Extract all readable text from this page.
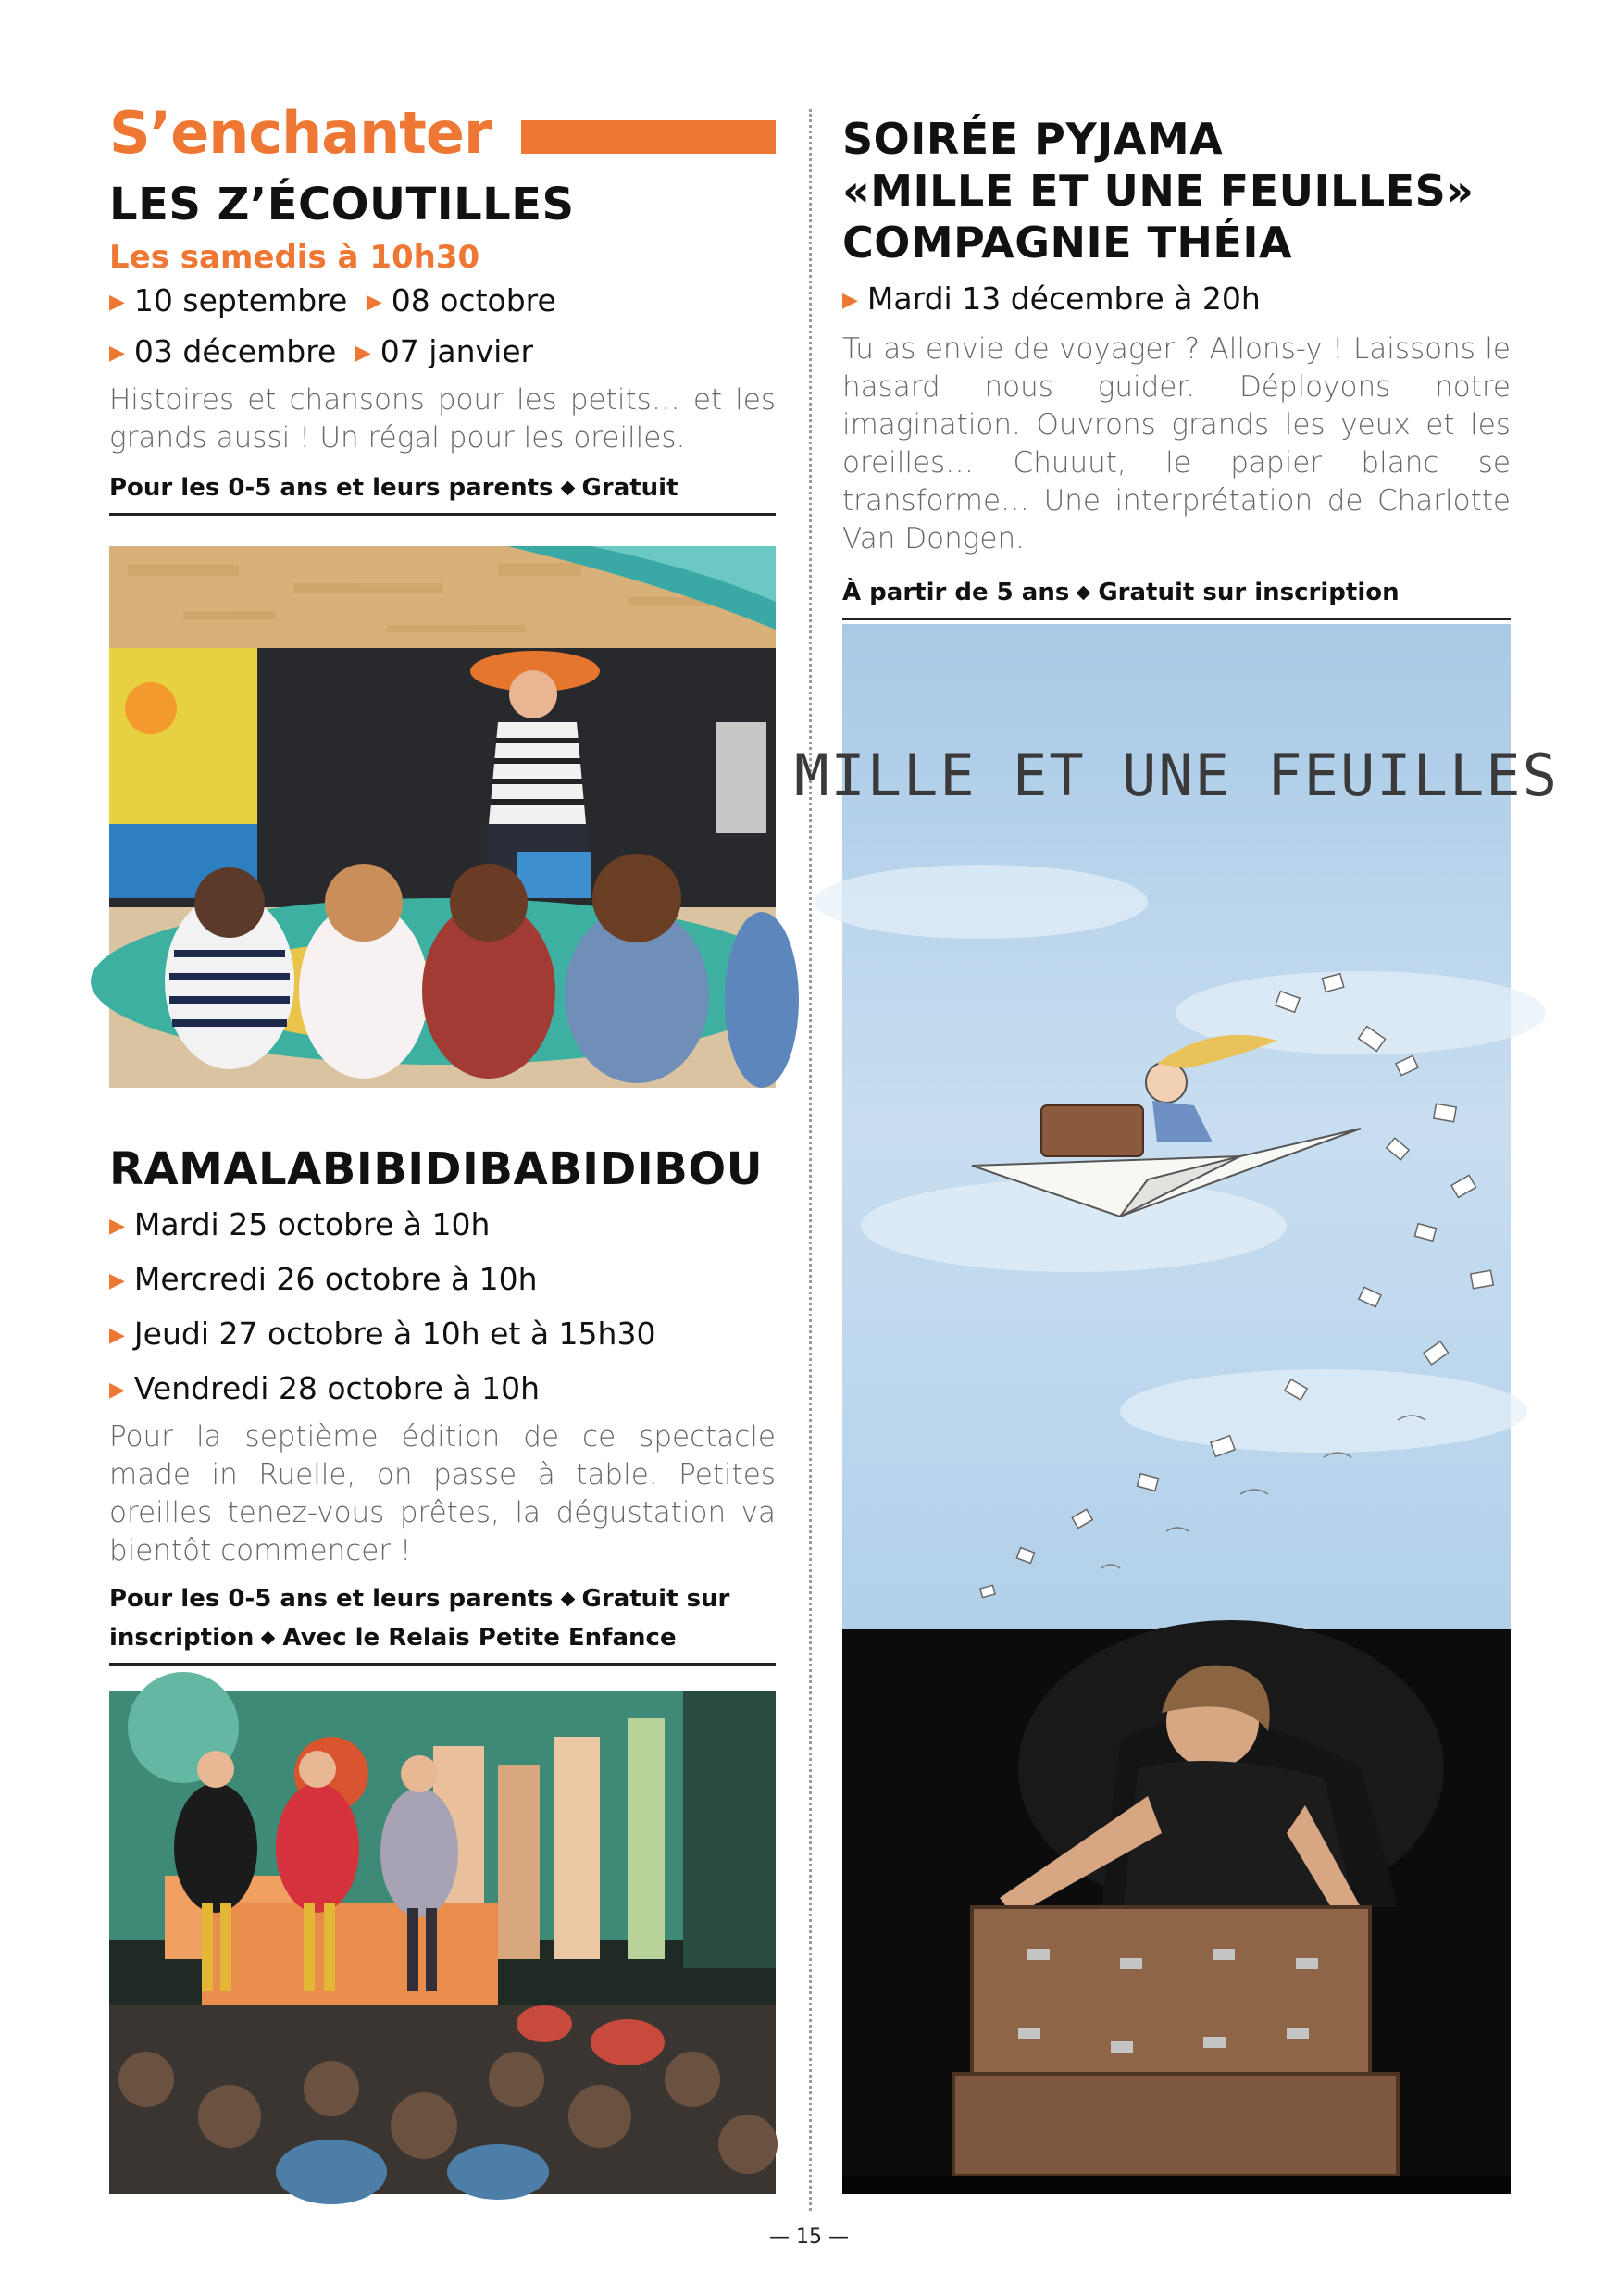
S’enchanter
LES Z’ÉCOUTILLES
Les samedis à 10h30
▶ 10 septembre ▶ 08 octobre
▶ 03 décembre ▶ 07 janvier
Histoires et chansons pour les petits… et les grands aussi ! Un régal pour les oreilles.
Pour les 0-5 ans et leurs parents Gratuit
RAMALABIBIDIBABIDIBOU
▶ Mardi 25 octobre à 10h
▶ Mercredi 26 octobre à 10h
▶ Jeudi 27 octobre à 10h et à 15h30
▶ Vendredi 28 octobre à 10h
Pour la septième édition de ce spectacle made in Ruelle, on passe à table. Petites oreilles tenez-vous prêtes, la dégustation va bientôt commencer !
Pour les 0-5 ans et leurs parents Gratuit sur inscription Avec le Relais Petite Enfance
SOIRÉE PYJAMA
«MILLE ET UNE FEUILLES»
COMPAGNIE THÉIA
▶ Mardi 13 décembre à 20h
Tu as envie de voyager ? Allons-y ! Laissons le hasard nous guider. Déployons notre imagination. Ouvrons grands les yeux et les oreilles… Chuuut, le papier blanc se transforme… Une interprétation de Charlotte Van Dongen.
À partir de 5 ans Gratuit sur inscription
MILLE ET UNE FEUILLES
— 15 —
